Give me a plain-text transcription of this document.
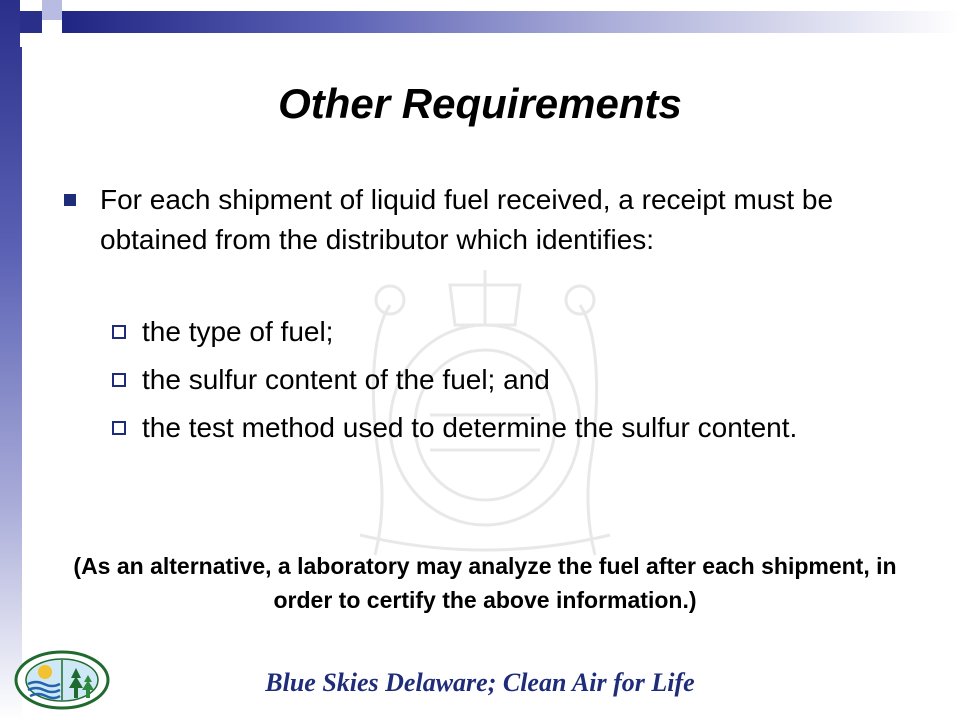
Other Requirements
For each shipment of liquid fuel received, a receipt must be obtained from the distributor which identifies:
the type of fuel;
the sulfur content of the fuel; and
the test method used to determine the sulfur content.
(As an alternative, a laboratory may analyze the fuel after each shipment, in order to certify the above information.)
Blue Skies Delaware; Clean Air for Life
